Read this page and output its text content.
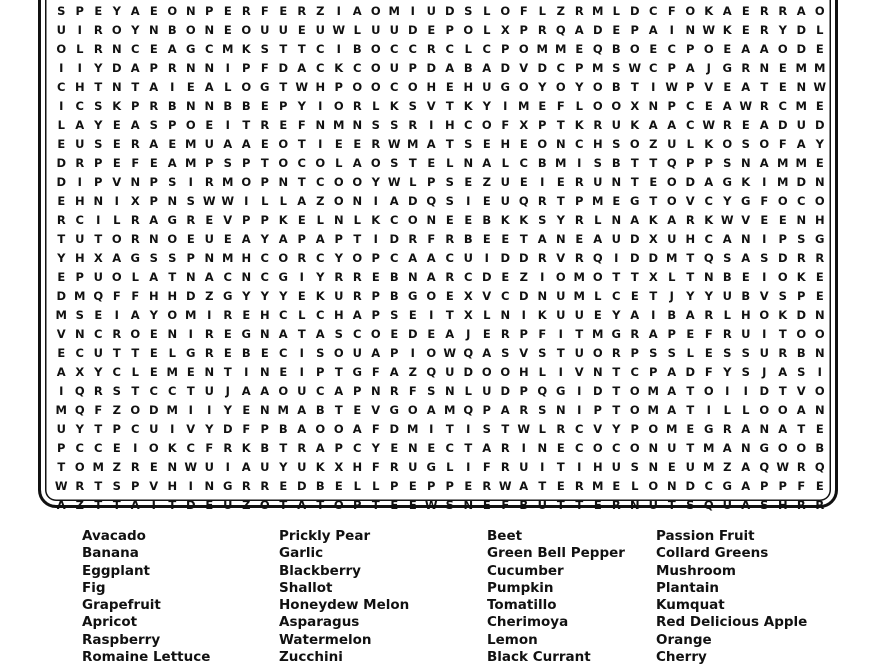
S P E Y A E O N P E R F E R Z	I	A O M I	U D S L O F L Z R M L D C F O K A E R R A O
U	I	R O Y N B O N E O U U E U W L U U D E P O L X P R Q A D E P A	I	N W K E R Y D L
O L R N C E A G C M K S T T C	I	B O C C R C L C P O M M E Q B O E C P O E A A O D E
I	I	Y D A P R N N	I	P F D A C K C O U P D A B A D V D C P M S W C P A	J	G R N E M M
C H T N T A	I	E A L O G T W H P O O C O H E H U G O Y O Y O B T	I W P V E A T E N W
I	C S K P R B N N B B E P Y	I O R L K S V T K Y	I M E F L O O X N P C E A W R C M E
L A Y E A S P O E	I	T R E F N M N S S R	I	H C O F X P T K R U K A A C W R E A D U D
E U S E R A E M U A A E O T	I	E E R W M A T S E H E O N C H S O Z U L K O S O F A Y
D R P E F E A M P S P T O C O L A O S T E L N A L C B M I	S B T T Q P P S N A M M E
D	I	P V N P S	I	R M O P N T C O O Y W L P S E Z U E	I	E R U N T E O D A G K	I M D N
E H N	I	X P N S W W I	L L A Z O N	I	A D Q S	I	E U Q R T P M E G T O V C Y G F O C O
R C	I	L R A G R E V P P K E L N L K C O N E E B K K S Y R L N A K A R K W V E E N H
T U T O R N O E U E A Y A P A P T	I	D R F R B E E T A N E A U D X U H C A N	I	P S G
Y H X A G S S P N M H C O R C Y O P C A A C U	I	D D R V R Q I	D D M T Q S A S D R R
E P U O L A T N A C N C G	I	Y R R E B N A R C D E Z	I O M O T T X L T N B E	I O K E
D M Q F F H H D Z G Y Y Y E K U R P B G O E X V C D N U M L C E T	J	Y Y U B V S P E
M S E	I	A Y O M I	R E H C L C H A P S E	I	T X L N	I	K U U E Y A	I	B A R L H O K D N
V N C R O E N	I	R E G N A T A S C O E D E A	J	E R P F	I	T M G R A P E F R U	I	T O O
E C U T T E L G R E B E C	I	S O U A P	I O W Q A S V S T U O R P S S L E S S U R B N
A X Y C L E M E N T	I	N E	I	P T G F A Z Q U D O O H L	I	V N T C P A D F Y S	J	A S	I
I Q R S T C C T U	J	A A O U C A P N R F S N L U D P Q G	I	D T O M A T O I	I	D T V O
M Q F Z O D M I	I	Y E N M A B T E V G O A M Q P A R S N	I	P T O M A T	I	L L O O A N
U Y T P C U	I	V Y D F P B A O O A F D M I	T	I	S T W L R C V Y P O M E G R A N A T E
P C C E	I O K C F R K B T R A P C Y E N E C T A R	I	N E C O C O N U T M A N G O O B
T O M Z R E N W U	I	A U Y U K X H F R U G L	I	F R U	I	T	I	H U S N E U M Z A Q W R Q
W R T S P V H	I	N G R R E D B E L L P E P P E R W A T E R M E L O N D C G A P P F E
A Z T T A	I	T D E U Z O T A T O P T E E W S N E F B U T T E R N U T S Q U A S H R R
Avacado
Banana
Eggplant
Fig
Grapefruit
Apricot
Raspberry
Romaine Lettuce
Prickly Pear
Garlic
Blackberry
Shallot
Honeydew Melon
Asparagus
Watermelon
Zucchini
Beet
Green Bell Pepper
Cucumber
Pumpkin
Tomatillo
Cherimoya
Lemon
Black Currant
Passion Fruit
Collard Greens
Mushroom
Plantain
Kumquat
Red Delicious Apple
Orange
Cherry
